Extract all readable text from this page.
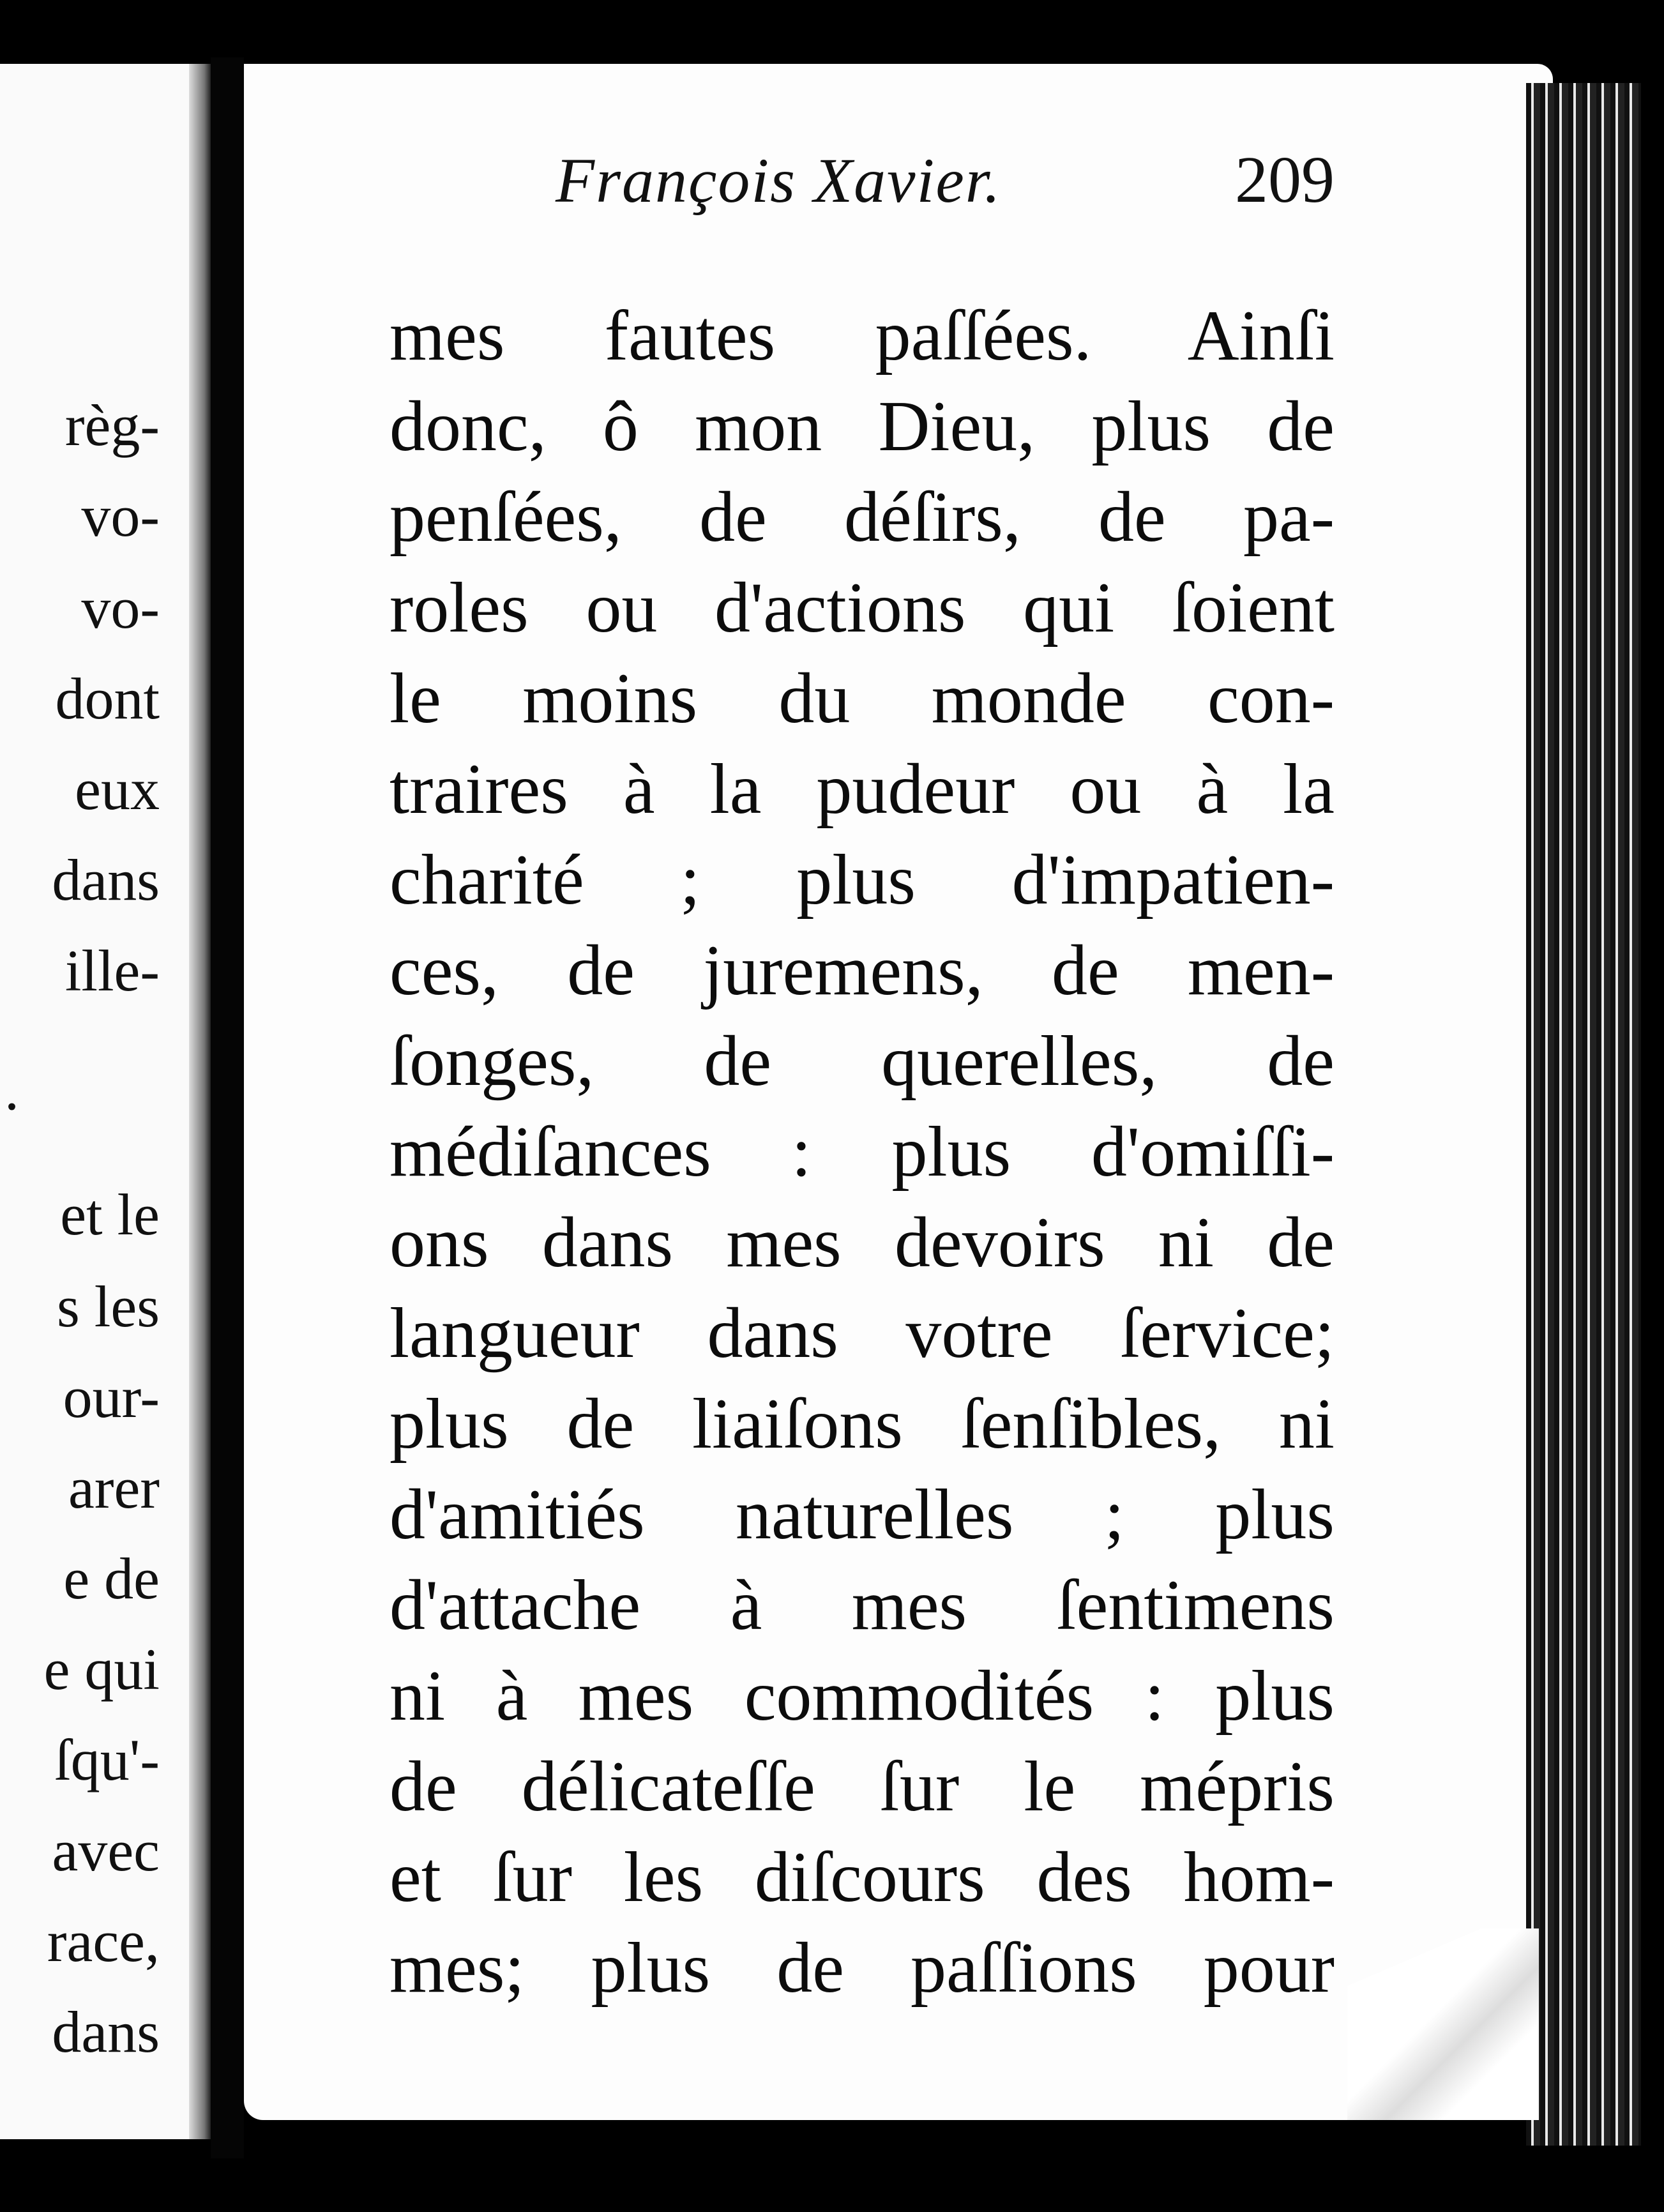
règ-
vo-
vo-
dont
eux
dans
ille-
.
et le
s les
our-
arer
e de
e qui
ſqu'-
avec
race,
dans
François Xavier.	209
mes fautes paſſées. Ainſi
donc, ô mon Dieu, plus de
penſées, de déſirs, de pa-
roles ou d'actions qui ſoient
le moins du monde con-
traires à la pudeur ou à la
charité ; plus d'impatien-
ces, de juremens, de men-
ſonges, de querelles, de
médiſances : plus d'omiſſi-
ons dans mes devoirs ni de
langueur dans votre ſervice;
plus de liaiſons ſenſibles, ni
d'amitiés naturelles ; plus
d'attache à mes ſentimens
ni à mes commodités : plus
de délicateſſe ſur le mépris
et ſur les diſcours des hom-
mes; plus de paſſions pour
